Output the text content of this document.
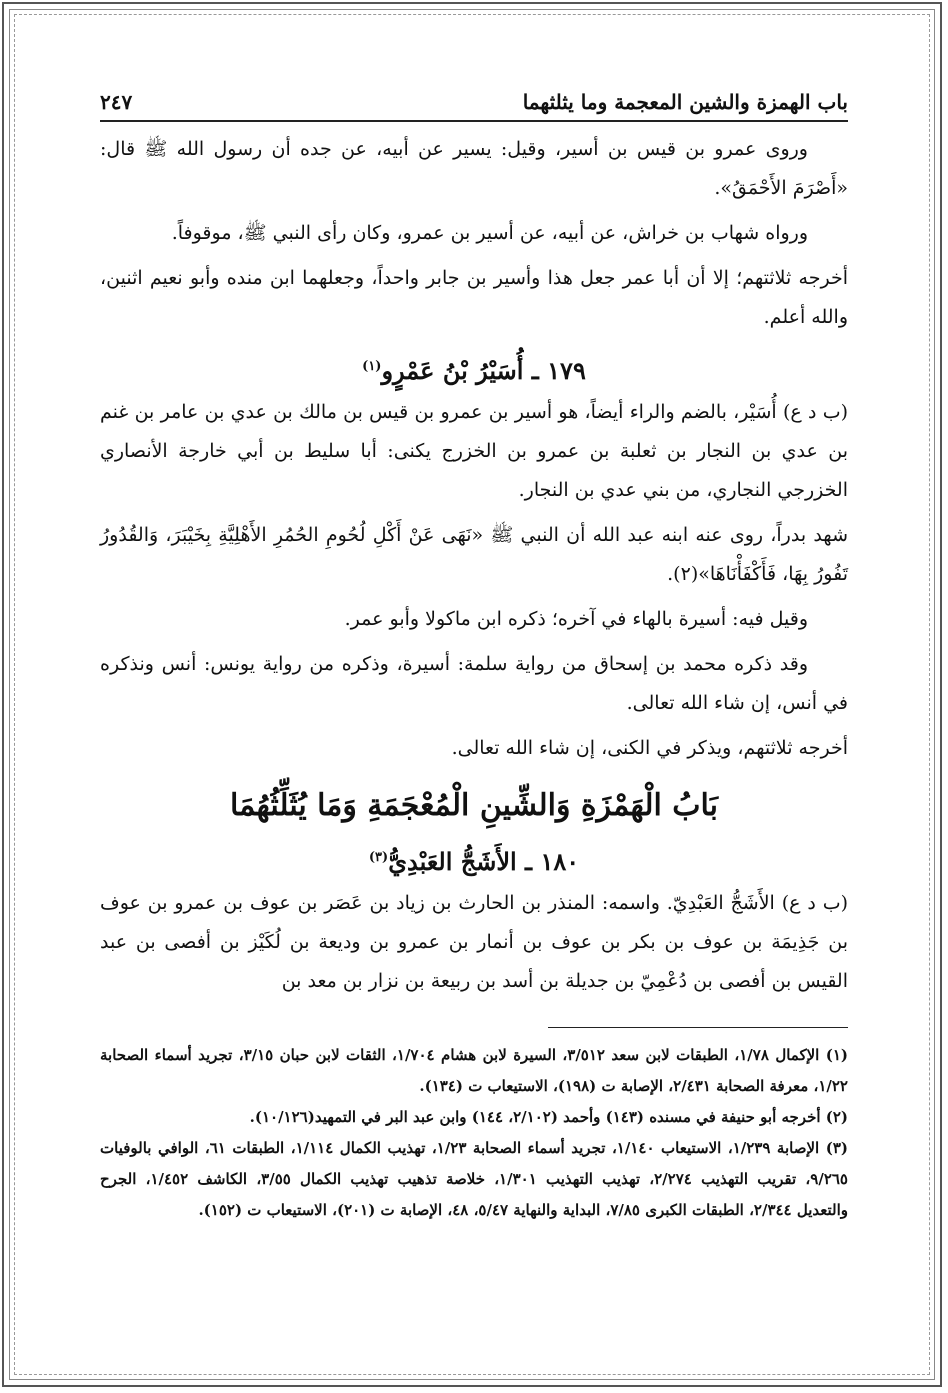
باب الهمزة والشين المعجمة وما يثلثهما
٢٤٧

وروى عمرو بن قيس بن أسير، وقيل: يسير عن أبيه، عن جده أن رسول الله ﷺ قال: «أَصْرَمَ الأَحْمَقُ».

ورواه شهاب بن خراش، عن أبيه، عن أسير بن عمرو، وكان رأى النبي ﷺ، موقوفاً.

أخرجه ثلاثتهم؛ إلا أن أبا عمر جعل هذا وأسير بن جابر واحداً، وجعلهما ابن منده وأبو نعيم اثنين، والله أعلم.

١٧٩ ـ أُسَيْرُ بْنُ عَمْرٍو$^{(١)}$

(ب د ع) أُسَيْر، بالضم والراء أيضاً، هو أسير بن عمرو بن قيس بن مالك بن عدي بن عامر بن غنم بن عدي بن النجار بن ثعلبة بن عمرو بن الخزرج يكنى: أبا سليط بن أبي خارجة الأنصاري الخزرجي النجاري، من بني عدي بن النجار.

شهد بدراً، روى عنه ابنه عبد الله أن النبي ﷺ «نَهَى عَنْ أَكْلِ لُحُومِ الحُمُرِ الأَهْلِيَّةِ بِخَيْبَرَ، وَالقُدُورُ تَفُورُ بِهَا، فَأَكْفَأْنَاهَا»(٢).

وقيل فيه: أسيرة بالهاء في آخره؛ ذكره ابن ماكولا وأبو عمر.

وقد ذكره محمد بن إسحاق من رواية سلمة: أسيرة، وذكره من رواية يونس: أنس ونذكره في أنس، إن شاء الله تعالى.

أخرجه ثلاثتهم، ويذكر في الكنى، إن شاء الله تعالى.

بَابُ الْهَمْزَةِ وَالشِّينِ الْمُعْجَمَةِ وَمَا يُثَلِّثُهُمَا
١٨٠ ـ الأَشَجُّ العَبْدِيُّ$^{(٣)}$

(ب د ع) الأَشَجُّ العَبْدِيّ. واسمه: المنذر بن الحارث بن زياد بن عَصَر بن عوف بن عمرو بن عوف بن جَذِيمَة بن عوف بن بكر بن عوف بن أنمار بن عمرو بن وديعة بن لُكَيْز بن أفصى بن عبد القيس بن أفصى بن دُعْمِيّ بن جديلة بن أسد بن ربيعة بن نزار بن معد بن

(١) الإكمال ١/٧٨، الطبقات لابن سعد ٣/٥١٢، السيرة لابن هشام ١/٧٠٤، الثقات لابن حبان ٣/١٥، تجريد أسماء الصحابة ١/٢٢، معرفة الصحابة ٢/٤٣١، الإصابة ت (١٩٨)، الاستيعاب ت (١٣٤).

(٢) أخرجه أبو حنيفة في مسنده (١٤٣) وأحمد (٢/١٠٢، ١٤٤) وابن عبد البر في التمهيد(١٠/١٢٦).

(٣) الإصابة ١/٢٣٩، الاستيعاب ١/١٤٠، تجريد أسماء الصحابة ١/٢٣، تهذيب الكمال ١/١١٤، الطبقات ٦١، الوافي بالوفيات ٩/٢٦٥، تقريب التهذيب ٢/٢٧٤، تهذيب التهذيب ١/٣٠١، خلاصة تذهيب تهذيب الكمال ٣/٥٥، الكاشف ١/٤٥٢، الجرح والتعديل ٢/٣٤٤، الطبقات الكبرى ٧/٨٥، البداية والنهاية ٥/٤٧، ٤٨، الإصابة ت (٢٠١)، الاستيعاب ت (١٥٢).
